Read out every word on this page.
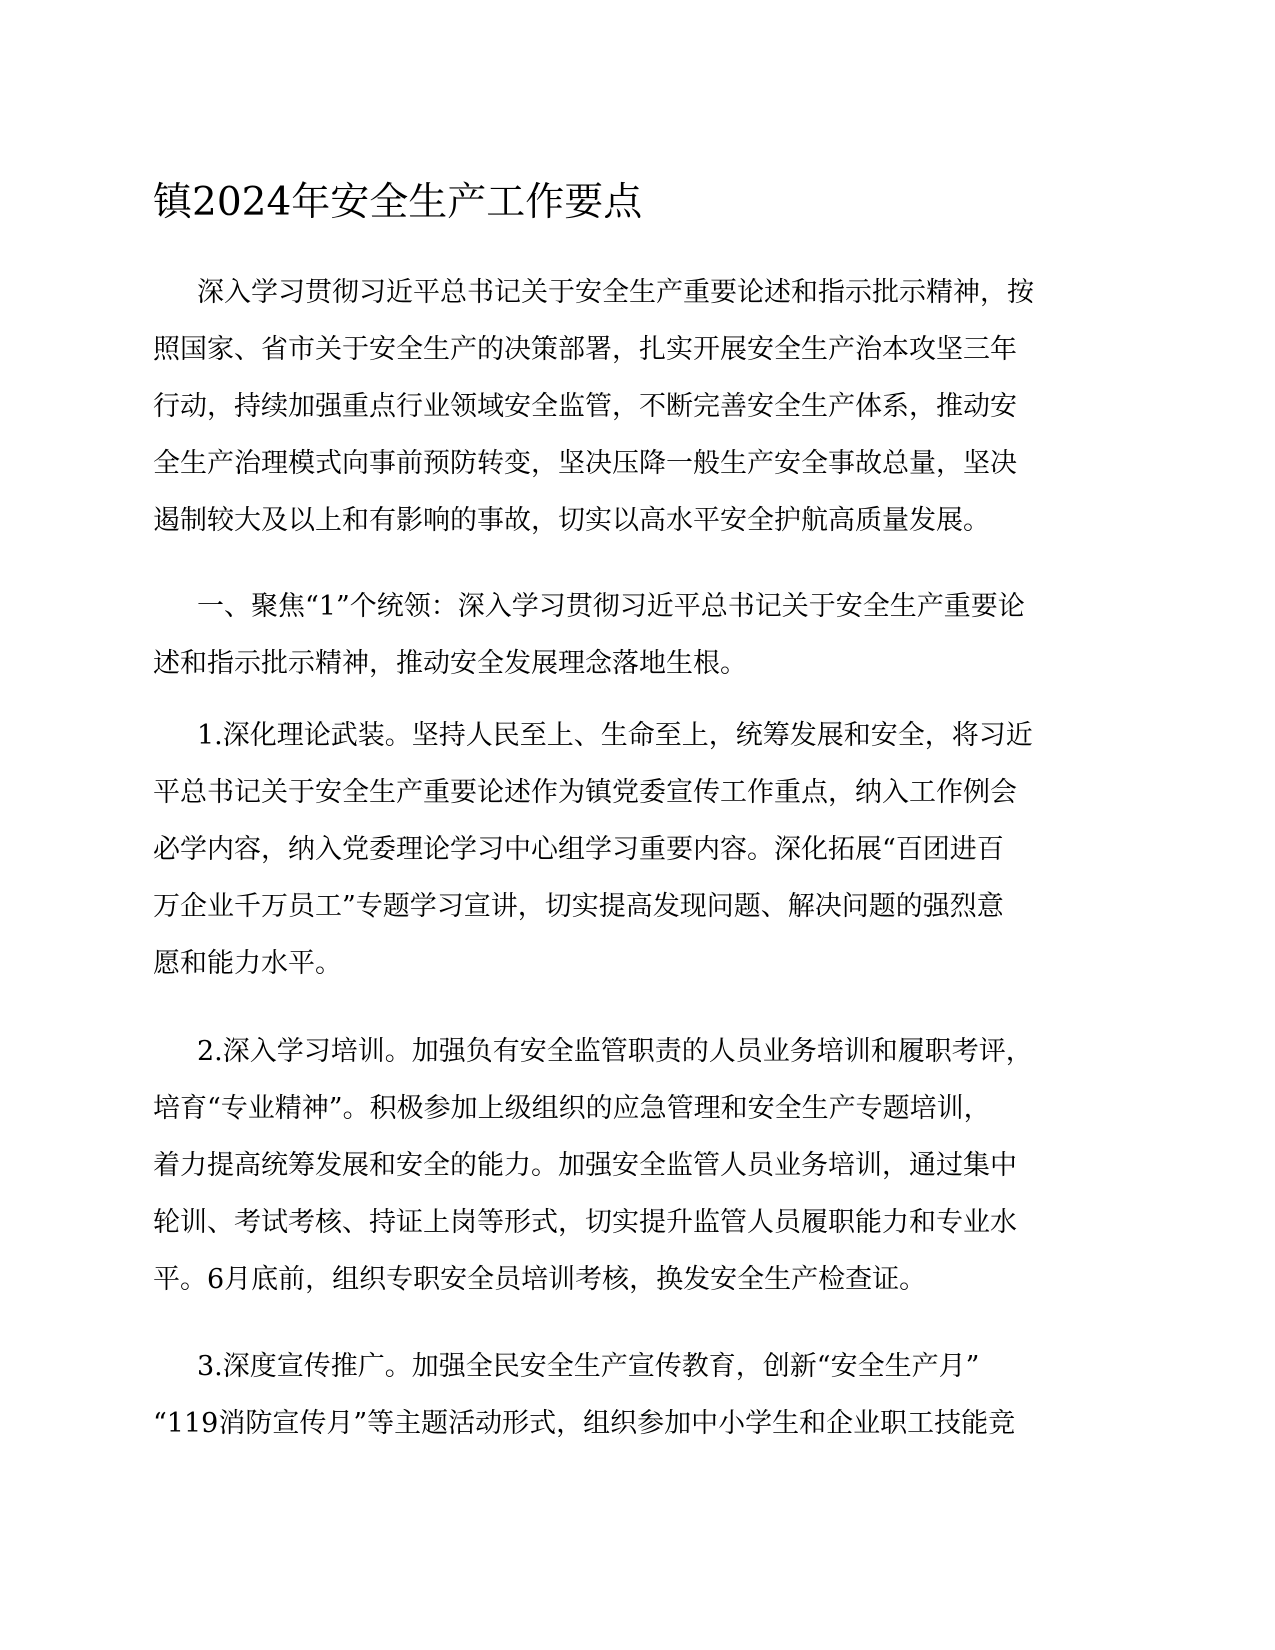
镇2024年安全生产工作要点
深入学习贯彻习近平总书记关于安全生产重要论述和指示批示精神，按
照国家、省市关于安全生产的决策部署，扎实开展安全生产治本攻坚三年
行动，持续加强重点行业领域安全监管，不断完善安全生产体系，推动安
全生产治理模式向事前预防转变，坚决压降一般生产安全事故总量，坚决
遏制较大及以上和有影响的事故，切实以高水平安全护航高质量发展。
一、聚焦“1”个统领：深入学习贯彻习近平总书记关于安全生产重要论
述和指示批示精神，推动安全发展理念落地生根。
1.深化理论武装。坚持人民至上、生命至上，统筹发展和安全，将习近
平总书记关于安全生产重要论述作为镇党委宣传工作重点，纳入工作例会
必学内容，纳入党委理论学习中心组学习重要内容。深化拓展“百团进百
万企业千万员工”专题学习宣讲，切实提高发现问题、解决问题的强烈意
愿和能力水平。
2.深入学习培训。加强负有安全监管职责的人员业务培训和履职考评，
培育“专业精神”。积极参加上级组织的应急管理和安全生产专题培训，
着力提高统筹发展和安全的能力。加强安全监管人员业务培训，通过集中
轮训、考试考核、持证上岗等形式，切实提升监管人员履职能力和专业水
平。6月底前，组织专职安全员培训考核，换发安全生产检查证。
3.深度宣传推广。加强全民安全生产宣传教育，创新“安全生产月”
“119消防宣传月”等主题活动形式，组织参加中小学生和企业职工技能竞
